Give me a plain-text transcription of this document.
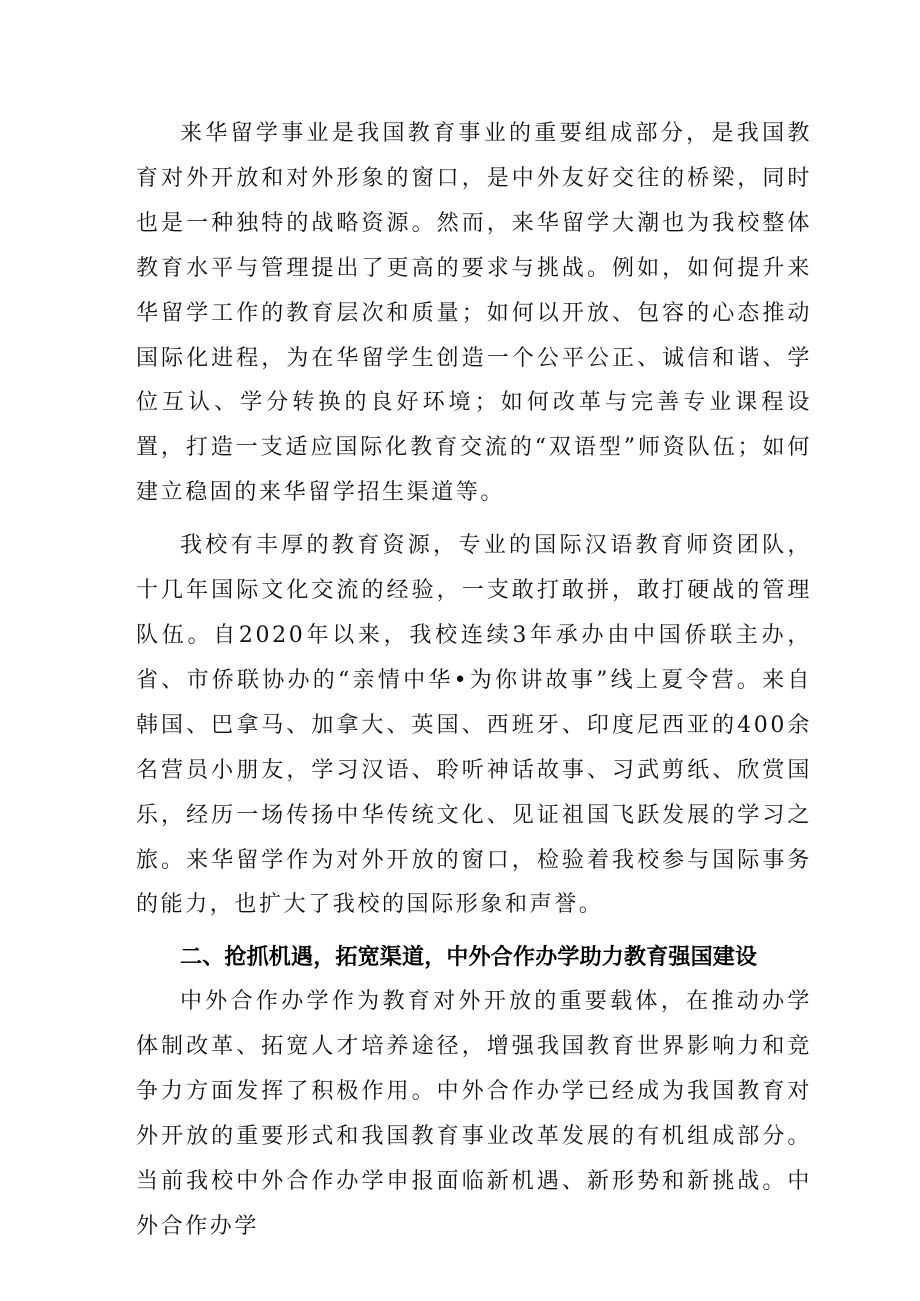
来华留学事业是我国教育事业的重要组成部分，是我国教育对外开放和对外形象的窗口，是中外友好交往的桥梁，同时也是一种独特的战略资源。然而，来华留学大潮也为我校整体教育水平与管理提出了更高的要求与挑战。例如，如何提升来华留学工作的教育层次和质量；如何以开放、包容的心态推动国际化进程，为在华留学生创造一个公平公正、诚信和谐、学位互认、学分转换的良好环境；如何改革与完善专业课程设置，打造一支适应国际化教育交流的“双语型”师资队伍；如何建立稳固的来华留学招生渠道等。

我校有丰厚的教育资源，专业的国际汉语教育师资团队，十几年国际文化交流的经验，一支敢打敢拼，敢打硬战的管理队伍。自2020年以来，我校连续3年承办由中国侨联主办，省、市侨联协办的“亲情中华•为你讲故事”线上夏令营。来自韩国、巴拿马、加拿大、英国、西班牙、印度尼西亚的400余名营员小朋友，学习汉语、聆听神话故事、习武剪纸、欣赏国乐，经历一场传扬中华传统文化、见证祖国飞跃发展的学习之旅。来华留学作为对外开放的窗口，检验着我校参与国际事务的能力，也扩大了我校的国际形象和声誉。

二、抢抓机遇，拓宽渠道，中外合作办学助力教育强国建设

中外合作办学作为教育对外开放的重要载体，在推动办学体制改革、拓宽人才培养途径，增强我国教育世界影响力和竞争力方面发挥了积极作用。中外合作办学已经成为我国教育对外开放的重要形式和我国教育事业改革发展的有机组成部分。当前我校中外合作办学申报面临新机遇、新形势和新挑战。中外合作办学
